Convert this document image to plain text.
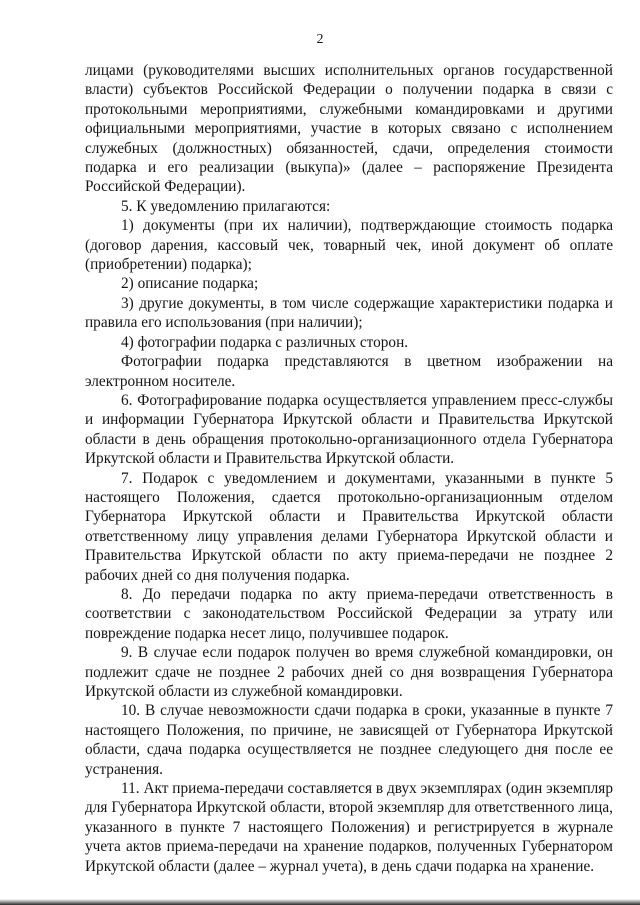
2

лицами (руководителями высших исполнительных органов государственной власти) субъектов Российской Федерации о получении подарка в связи с протокольными мероприятиями, служебными командировками и другими официальными мероприятиями, участие в которых связано с исполнением служебных (должностных) обязанностей, сдачи, определения стоимости подарка и его реализации (выкупа)» (далее – распоряжение Президента Российской Федерации).

5. К уведомлению прилагаются:

1) документы (при их наличии), подтверждающие стоимость подарка (договор дарения, кассовый чек, товарный чек, иной документ об оплате (приобретении) подарка);

2) описание подарка;

3) другие документы, в том числе содержащие характеристики подарка и правила его использования (при наличии);

4) фотографии подарка с различных сторон.

Фотографии подарка представляются в цветном изображении на электронном носителе.

6. Фотографирование подарка осуществляется управлением пресс-службы и информации Губернатора Иркутской области и Правительства Иркутской области в день обращения протокольно-организационного отдела Губернатора Иркутской области и Правительства Иркутской области.

7. Подарок с уведомлением и документами, указанными в пункте 5 настоящего Положения, сдается протокольно-организационным отделом Губернатора Иркутской области и Правительства Иркутской области ответственному лицу управления делами Губернатора Иркутской области и Правительства Иркутской области по акту приема-передачи не позднее 2 рабочих дней со дня получения подарка.

8. До передачи подарка по акту приема-передачи ответственность в соответствии с законодательством Российской Федерации за утрату или повреждение подарка несет лицо, получившее подарок.

9. В случае если подарок получен во время служебной командировки, он подлежит сдаче не позднее 2 рабочих дней со дня возвращения Губернатора Иркутской области из служебной командировки.

10. В случае невозможности сдачи подарка в сроки, указанные в пункте 7 настоящего Положения, по причине, не зависящей от Губернатора Иркутской области, сдача подарка осуществляется не позднее следующего дня после ее устранения.

11. Акт приема-передачи составляется в двух экземплярах (один экземпляр для Губернатора Иркутской области, второй экземпляр для ответственного лица, указанного в пункте 7 настоящего Положения) и регистрируется в журнале учета актов приема-передачи на хранение подарков, полученных Губернатором Иркутской области (далее – журнал учета), в день сдачи подарка на хранение.
